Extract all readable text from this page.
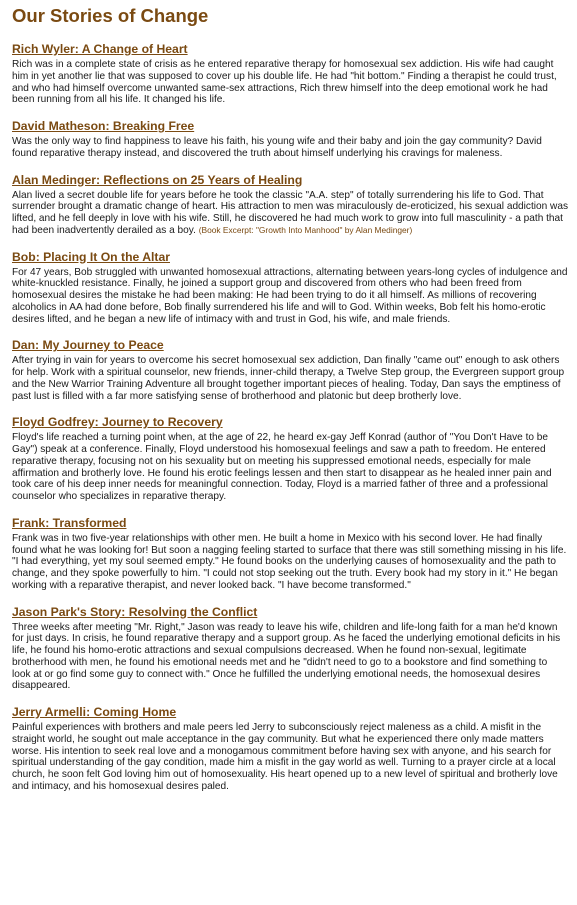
Our Stories of Change
Rich Wyler: A Change of Heart

Rich was in a complete state of crisis as he entered reparative therapy for homosexual sex addiction. His wife had caught him in yet another lie that was supposed to cover up his double life. He had "hit bottom." Finding a therapist he could trust, and who had himself overcome unwanted same-sex attractions, Rich threw himself into the deep emotional work he had been running from all his life. It changed his life.

David Matheson: Breaking Free

Was the only way to find happiness to leave his faith, his young wife and their baby and join the gay community? David found reparative therapy instead, and discovered the truth about himself underlying his cravings for maleness.

Alan Medinger: Reflections on 25 Years of Healing

Alan lived a secret double life for years before he took the classic "A.A. step" of totally surrendering his life to God. That surrender brought a dramatic change of heart. His attraction to men was miraculously de-eroticized, his sexual addiction was lifted, and he fell deeply in love with his wife. Still, he discovered he had much work to grow into full masculinity - a path that had been inadvertently derailed as a boy. (Book Excerpt: "Growth Into Manhood" by Alan Medinger)

Bob: Placing It On the Altar

For 47 years, Bob struggled with unwanted homosexual attractions, alternating between years-long cycles of indulgence and white-knuckled resistance. Finally, he joined a support group and discovered from others who had been freed from homosexual desires the mistake he had been making: He had been trying to do it all himself. As millions of recovering alcoholics in AA had done before, Bob finally surrendered his life and will to God. Within weeks, Bob felt his homo-erotic desires lifted, and he began a new life of intimacy with and trust in God, his wife, and male friends.

Dan: My Journey to Peace

After trying in vain for years to overcome his secret homosexual sex addiction, Dan finally "came out" enough to ask others for help. Work with a spiritual counselor, new friends, inner-child therapy, a Twelve Step group, the Evergreen support group and the New Warrior Training Adventure all brought together important pieces of healing. Today, Dan says the emptiness of past lust is filled with a far more satisfying sense of brotherhood and platonic but deep brotherly love.

Floyd Godfrey: Journey to Recovery

Floyd's life reached a turning point when, at the age of 22, he heard ex-gay Jeff Konrad (author of "You Don't Have to be Gay") speak at a conference. Finally, Floyd understood his homosexual feelings and saw a path to freedom. He entered reparative therapy, focusing not on his sexuality but on meeting his suppressed emotional needs, especially for male affirmation and brotherly love. He found his erotic feelings lessen and then start to disappear as he healed inner pain and took care of his deep inner needs for meaningful connection. Today, Floyd is a married father of three and a professional counselor who specializes in reparative therapy.

Frank: Transformed

Frank was in two five-year relationships with other men. He built a home in Mexico with his second lover. He had finally found what he was looking for! But soon a nagging feeling started to surface that there was still something missing in his life. "I had everything, yet my soul seemed empty." He found books on the underlying causes of homosexuality and the path to change, and they spoke powerfully to him. "I could not stop seeking out the truth. Every book had my story in it." He began working with a reparative therapist, and never looked back. "I have become transformed."

Jason Park's Story: Resolving the Conflict

Three weeks after meeting "Mr. Right," Jason was ready to leave his wife, children and life-long faith for a man he'd known for just days. In crisis, he found reparative therapy and a support group. As he faced the underlying emotional deficits in his life, he found his homo-erotic attractions and sexual compulsions decreased. When he found non-sexual, legitimate brotherhood with men, he found his emotional needs met and he "didn't need to go to a bookstore and find something to look at or go find some guy to connect with." Once he fulfilled the underlying emotional needs, the homosexual desires disappeared.

Jerry Armelli: Coming Home

Painful experiences with brothers and male peers led Jerry to subconsciously reject maleness as a child. A misfit in the straight world, he sought out male acceptance in the gay community. But what he experienced there only made matters worse. His intention to seek real love and a monogamous commitment before having sex with anyone, and his search for spiritual understanding of the gay condition, made him a misfit in the gay world as well. Turning to a prayer circle at a local church, he soon felt God loving him out of homosexuality. His heart opened up to a new level of spiritual and brotherly love and intimacy, and his homosexual desires paled.
